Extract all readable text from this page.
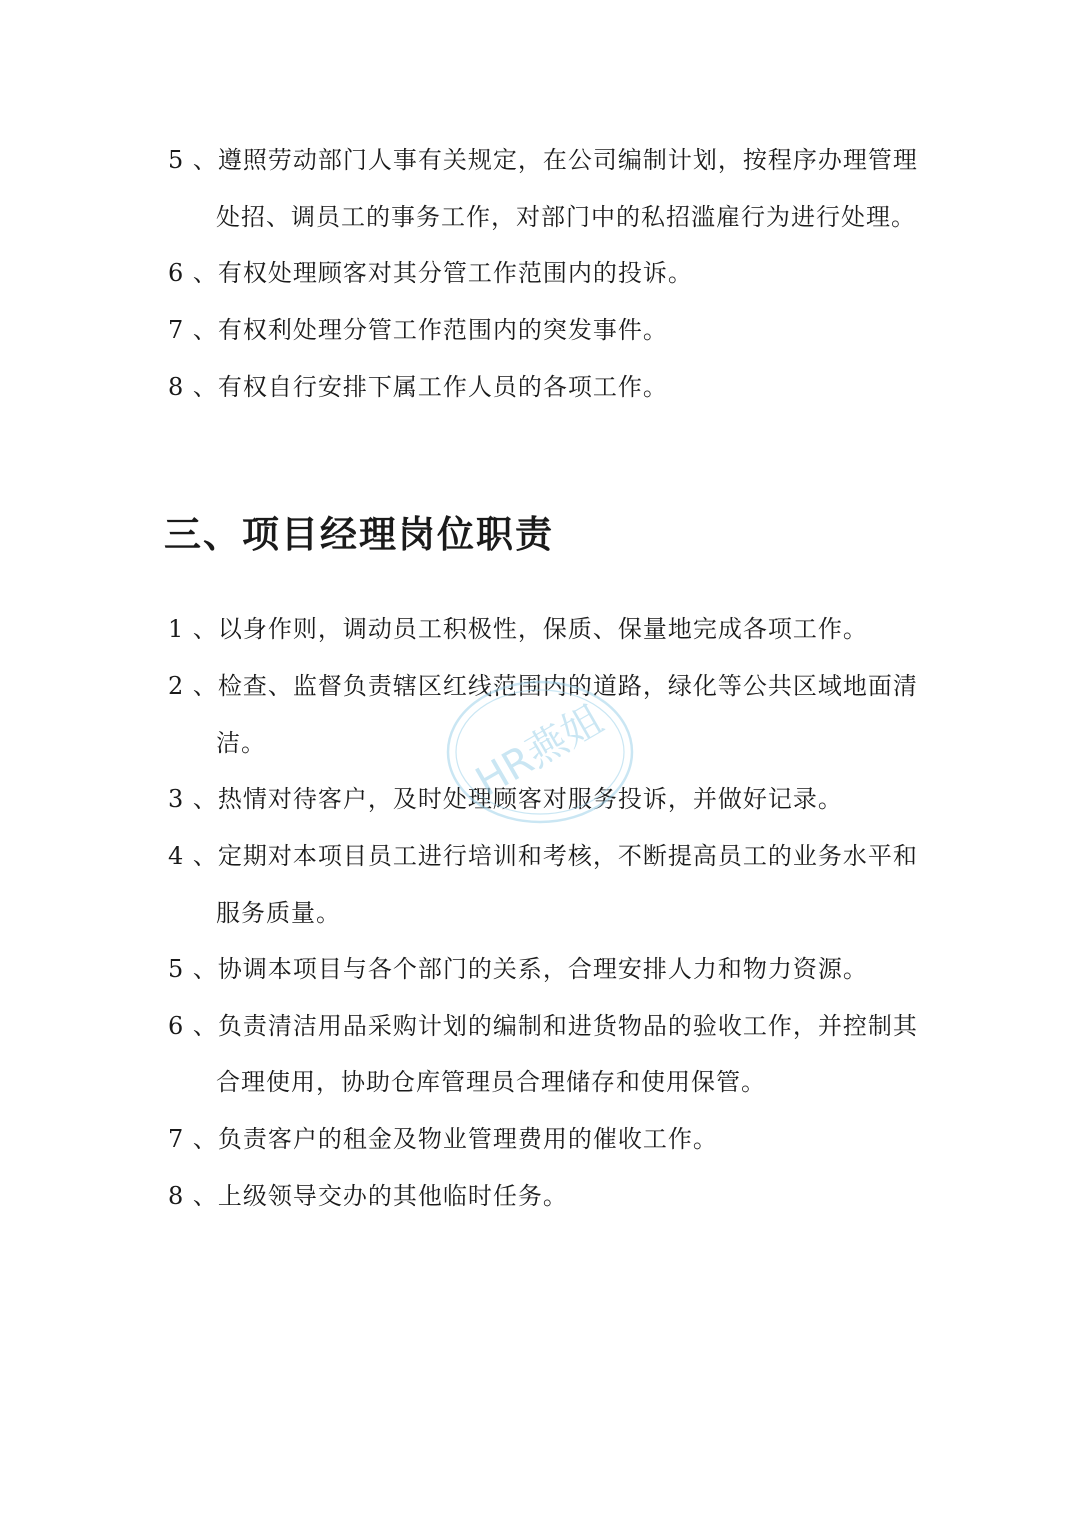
5 、遵照劳动部门人事有关规定，在公司编制计划，按程序办理管理
处招、调员工的事务工作，对部门中的私招滥雇行为进行处理。
6 、有权处理顾客对其分管工作范围内的投诉。
7 、有权利处理分管工作范围内的突发事件。
8 、有权自行安排下属工作人员的各项工作。
三、项目经理岗位职责
1 、以身作则，调动员工积极性，保质、保量地完成各项工作。
2 、检查、监督负责辖区红线范围内的道路，绿化等公共区域地面清
洁。
3 、热情对待客户，及时处理顾客对服务投诉，并做好记录。
4 、定期对本项目员工进行培训和考核，不断提高员工的业务水平和
服务质量。
5 、协调本项目与各个部门的关系，合理安排人力和物力资源。
6 、负责清洁用品采购计划的编制和进货物品的验收工作，并控制其
合理使用，协助仓库管理员合理储存和使用保管。
7 、负责客户的租金及物业管理费用的催收工作。
8 、上级领导交办的其他临时任务。
HR燕姐
